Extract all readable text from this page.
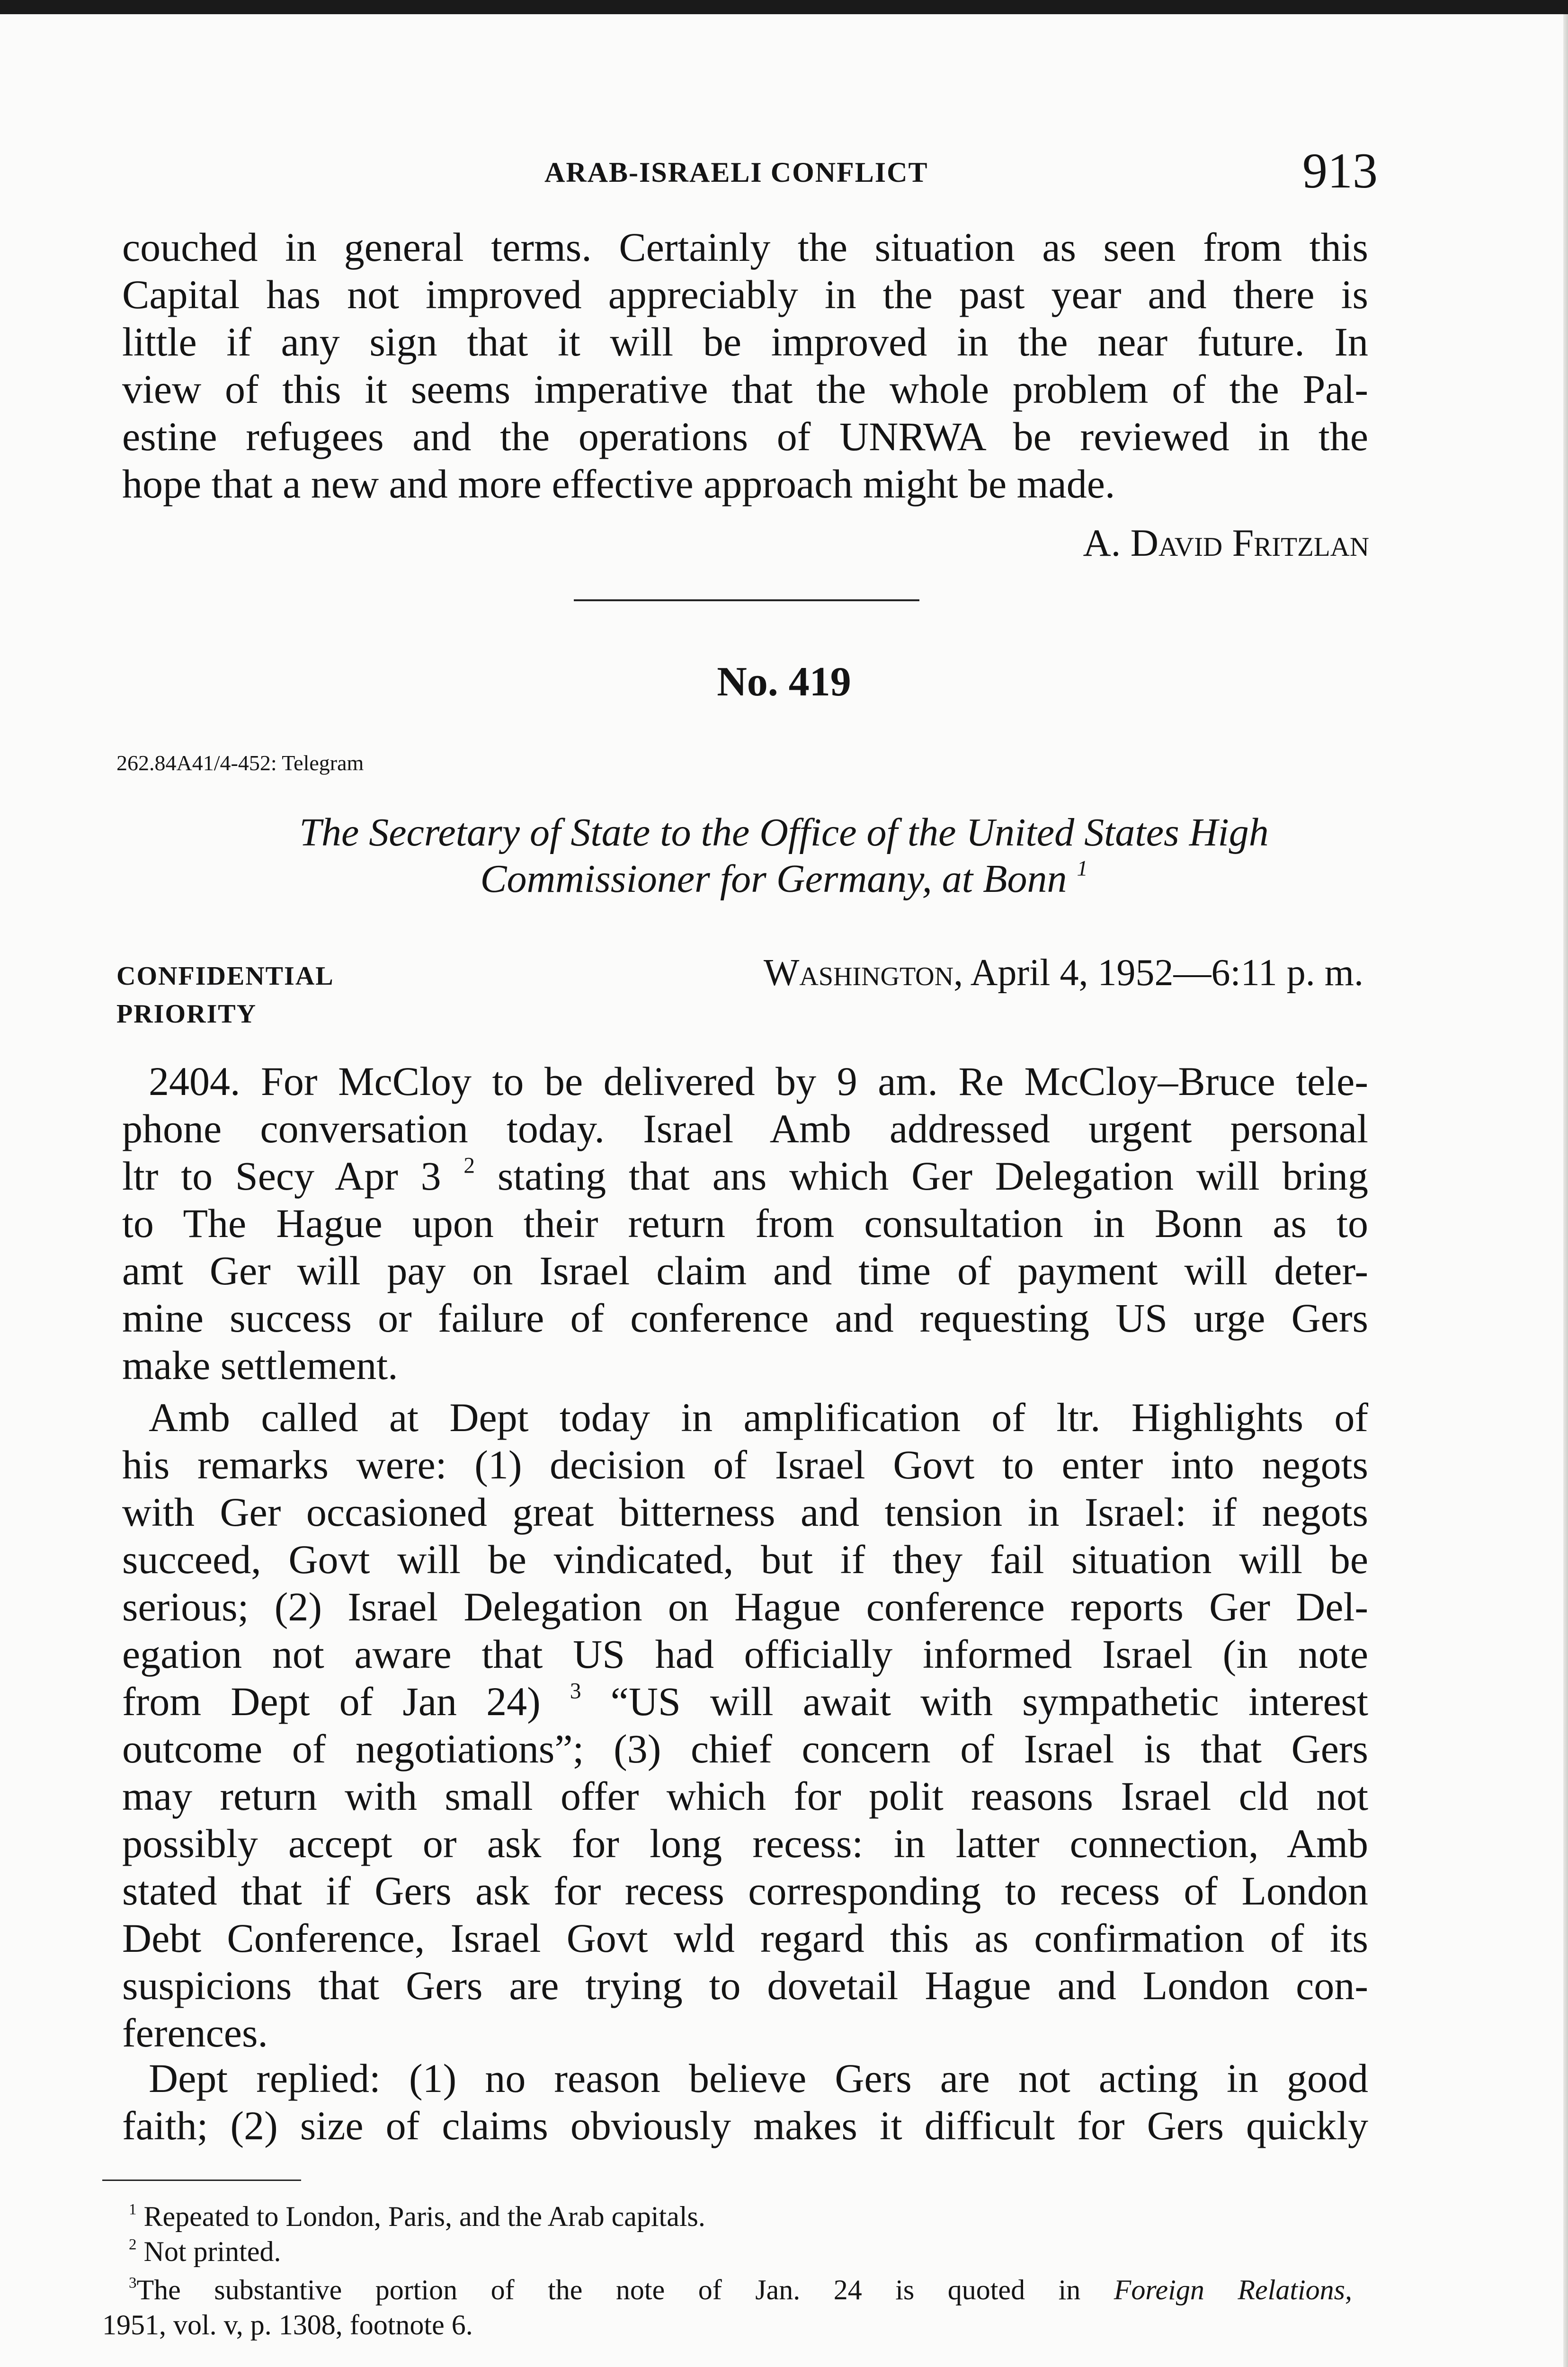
ARAB-ISRAELI CONFLICT	913
couched in general terms. Certainly the situation as seen from this
Capital has not improved appreciably in the past year and there is
little if any sign that it will be improved in the near future. In
view of this it seems imperative that the whole problem of the Pal-
estine refugees and the operations of UNRWA be reviewed in the
hope that a new and more effective approach might be made.
A. David Fritzlan
No. 419
262.84A41/4-452: Telegram
The Secretary of State to the Office of the United States High
Commissioner for Germany, at Bonn $^1$
CONFIDENTIAL
PRIORITY
Washington, April 4, 1952—6:11 p. m.
2404. For McCloy to be delivered by 9 am. Re McCloy–Bruce tele-
phone conversation today. Israel Amb addressed urgent personal
ltr to Secy Apr 3 $^2$ stating that ans which Ger Delegation will bring
to The Hague upon their return from consultation in Bonn as to
amt Ger will pay on Israel claim and time of payment will deter-
mine success or failure of conference and requesting US urge Gers
make settlement.
Amb called at Dept today in amplification of ltr. Highlights of
his remarks were: (1) decision of Israel Govt to enter into negots
with Ger occasioned great bitterness and tension in Israel: if negots
succeed, Govt will be vindicated, but if they fail situation will be
serious; (2) Israel Delegation on Hague conference reports Ger Del-
egation not aware that US had officially informed Israel (in note
from Dept of Jan 24) $^3$ “US will await with sympathetic interest
outcome of negotiations”; (3) chief concern of Israel is that Gers
may return with small offer which for polit reasons Israel cld not
possibly accept or ask for long recess: in latter connection, Amb
stated that if Gers ask for recess corresponding to recess of London
Debt Conference, Israel Govt wld regard this as confirmation of its
suspicions that Gers are trying to dovetail Hague and London con-
ferences.
Dept replied: (1) no reason believe Gers are not acting in good
faith; (2) size of claims obviously makes it difficult for Gers quickly
$^1$ Repeated to London, Paris, and the Arab capitals.
$^2$ Not printed.
$^3$The substantive portion of the note of Jan. 24 is quoted in Foreign Relations,
1951, vol. v, p. 1308, footnote 6.
